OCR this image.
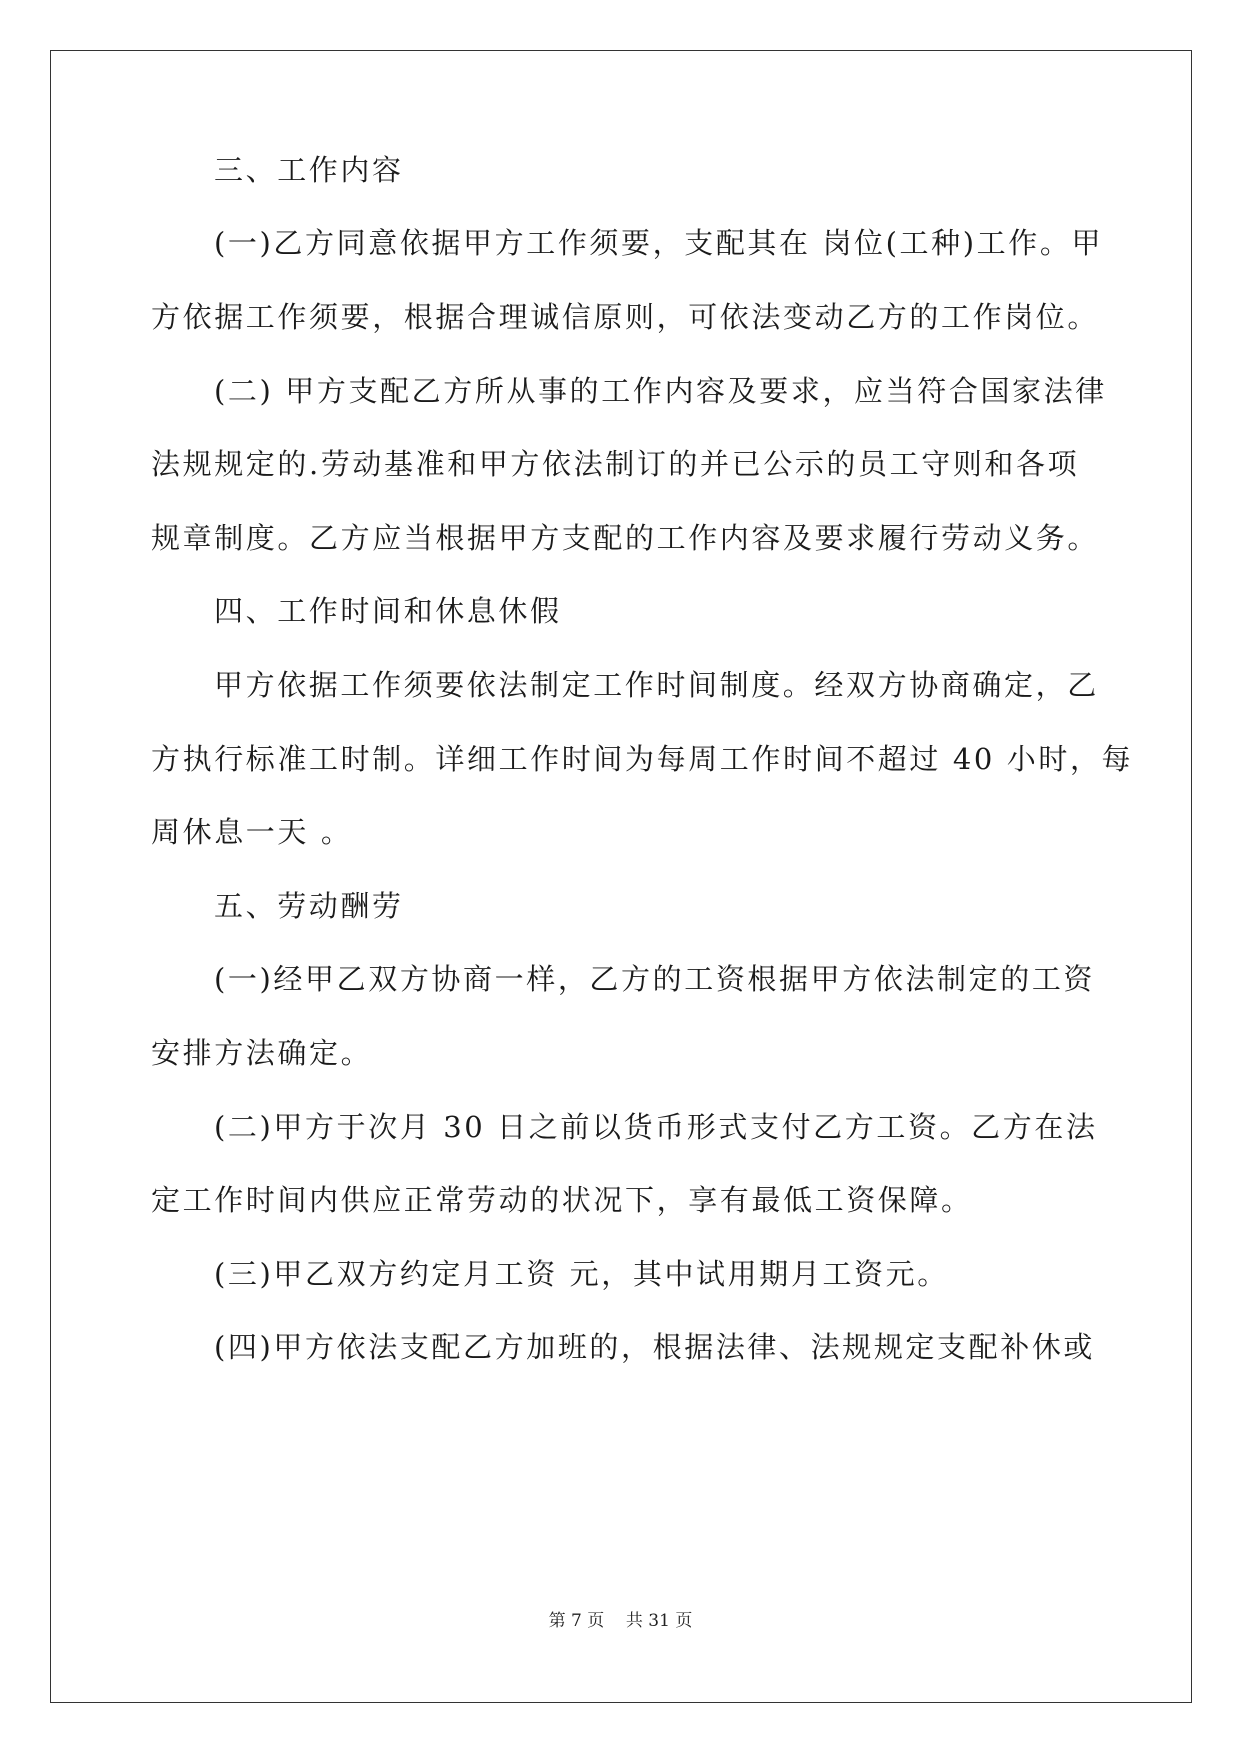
三、工作内容
(一)乙方同意依据甲方工作须要，支配其在 岗位(工种)工作。甲
方依据工作须要，根据合理诚信原则，可依法变动乙方的工作岗位。
(二) 甲方支配乙方所从事的工作内容及要求，应当符合国家法律
法规规定的.劳动基准和甲方依法制订的并已公示的员工守则和各项
规章制度。乙方应当根据甲方支配的工作内容及要求履行劳动义务。
四、工作时间和休息休假
甲方依据工作须要依法制定工作时间制度。经双方协商确定，乙
方执行标准工时制。详细工作时间为每周工作时间不超过 40 小时，每
周休息一天 。
五、劳动酬劳
(一)经甲乙双方协商一样，乙方的工资根据甲方依法制定的工资
安排方法确定。
(二)甲方于次月 30 日之前以货币形式支付乙方工资。乙方在法
定工作时间内供应正常劳动的状况下，享有最低工资保障。
(三)甲乙双方约定月工资 元，其中试用期月工资元。
(四)甲方依法支配乙方加班的，根据法律、法规规定支配补休或
第 7 页 共 31 页
